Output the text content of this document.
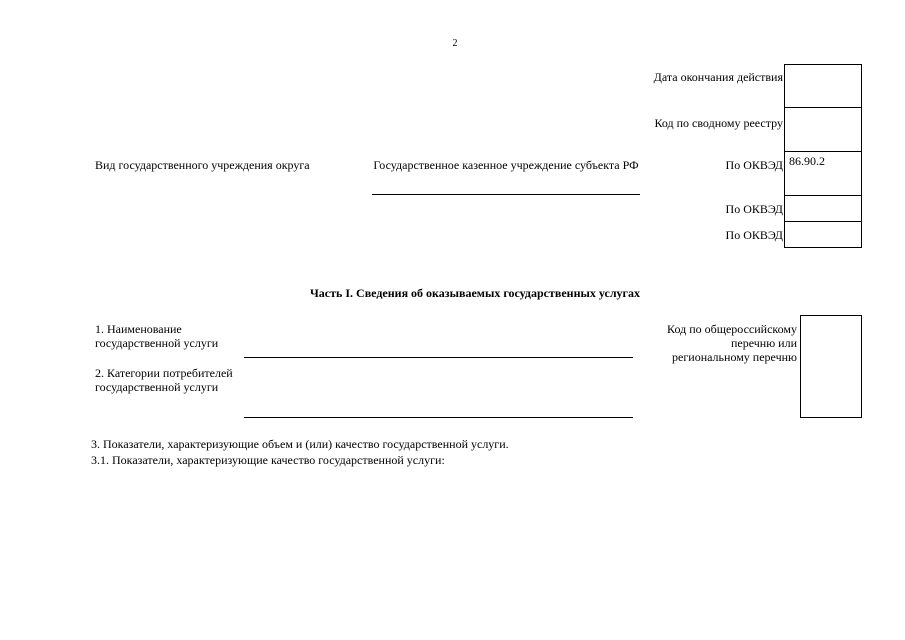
2
Дата окончания действия
Код по сводному реестру
Вид государственного учреждения округа	Государственное казенное учреждение субъекта РФ	По ОКВЭД 86.90.2
По ОКВЭД
По ОКВЭД
Часть I. Сведения об оказываемых государственных услугах
1. Наименование государственной услуги
2. Категории потребителей государственной услуги
Код по общероссийскому перечню или региональному перечню
3. Показатели, характеризующие объем и (или) качество государственной услуги.
3.1. Показатели, характеризующие качество государственной услуги:
